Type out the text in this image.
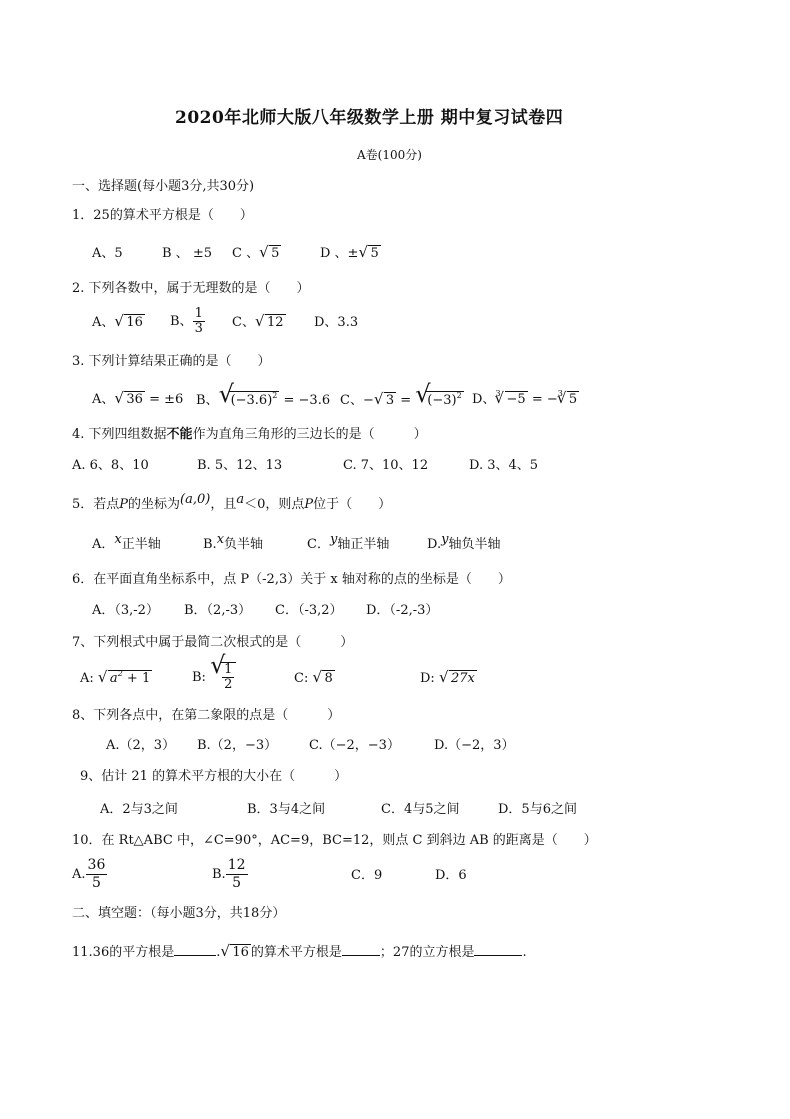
2020年北师大版八年级数学上册 期中复习试卷四
A卷(100分)
一、选择题(每小题3分,共30分)
1．25的算术平方根是（　　）
A、5	B 、 ±5 C 、 √ 5	D 、± √ 5
2. 下列各数中，属于无理数的是（　　）
A、 √ 16 B、 $\frac{1}{3}$ C、 √ 12 D、3.3
3. 下列计算结果正确的是（　　）
A、 √ 36 = ±6 B、 √ $(-3.6)^2 = -3.6$ C、− √ 3 = √ $(-3)^2$ D、$^3$ √ −5 = −$^3$ √ 5
4. 下列四组数据不能作为直角三角形的三边长的是（　　　）
A. 6、8、10	B. 5、12、13	C. 7、10、12	D. 3、4、5
5．若点P的坐标为(a,0)，且a＜0，则点P位于（　　）
A．x正半轴	B.x负半轴	C．y轴正半轴	D.y轴负半轴
6．在平面直角坐标系中，点 P（-2,3）关于 x 轴对称的点的坐标是（　　）
A．（3,-2） B．（2,-3） C．（-3,2） D．（-2,-3）
7、下列根式中属于最简二次根式的是（　　　）
A: √ $a^2 + 1$	B: √ $\frac{1}{2}$	C: √ 8	D: √ 27x
8、下列各点中，在第二象限的点是（　　　）
A.（2，3） B.（2，−3） C.（−2，−3）	D.（−2，3）
9、估计 21 的算术平方根的大小在（　　　）
A．2与3之间	B．3与4之间	C．4与5之间	D．5与6之间
10．在 Rt△ABC 中，∠C=90°，AC=9，BC=12，则点 C 到斜边 AB 的距离是（　　）
A. $\frac{36}{5}$	B. $\frac{12}{5}$	C．9	D．6
二、填空题：（每小题3分，共18分）
11.36的平方根是	. √ 16 的算术平方根是	；27的立方根是	.
